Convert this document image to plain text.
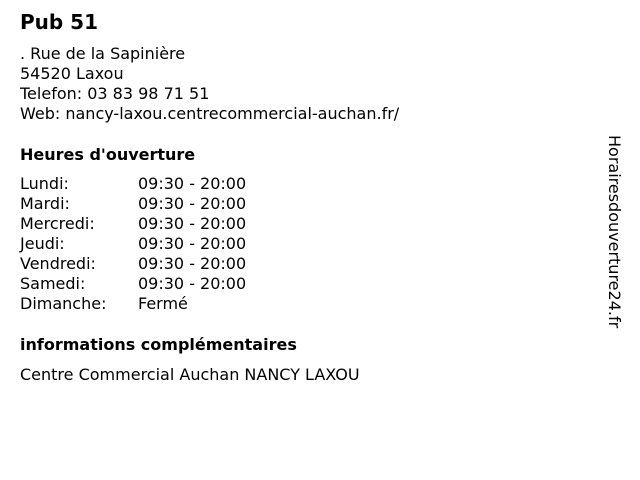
Pub 51
. Rue de la Sapinière
54520 Laxou
Telefon: 03 83 98 71 51
Web: nancy-laxou.centrecommercial-auchan.fr/
Heures d'ouverture
Lundi:	09:30 - 20:00
Mardi:	09:30 - 20:00
Mercredi:	09:30 - 20:00
Jeudi:	09:30 - 20:00
Vendredi:	09:30 - 20:00
Samedi:	09:30 - 20:00
Dimanche:	Fermé
informations complémentaires
Centre Commercial Auchan NANCY LAXOU
Horairesdouverture24.fr
